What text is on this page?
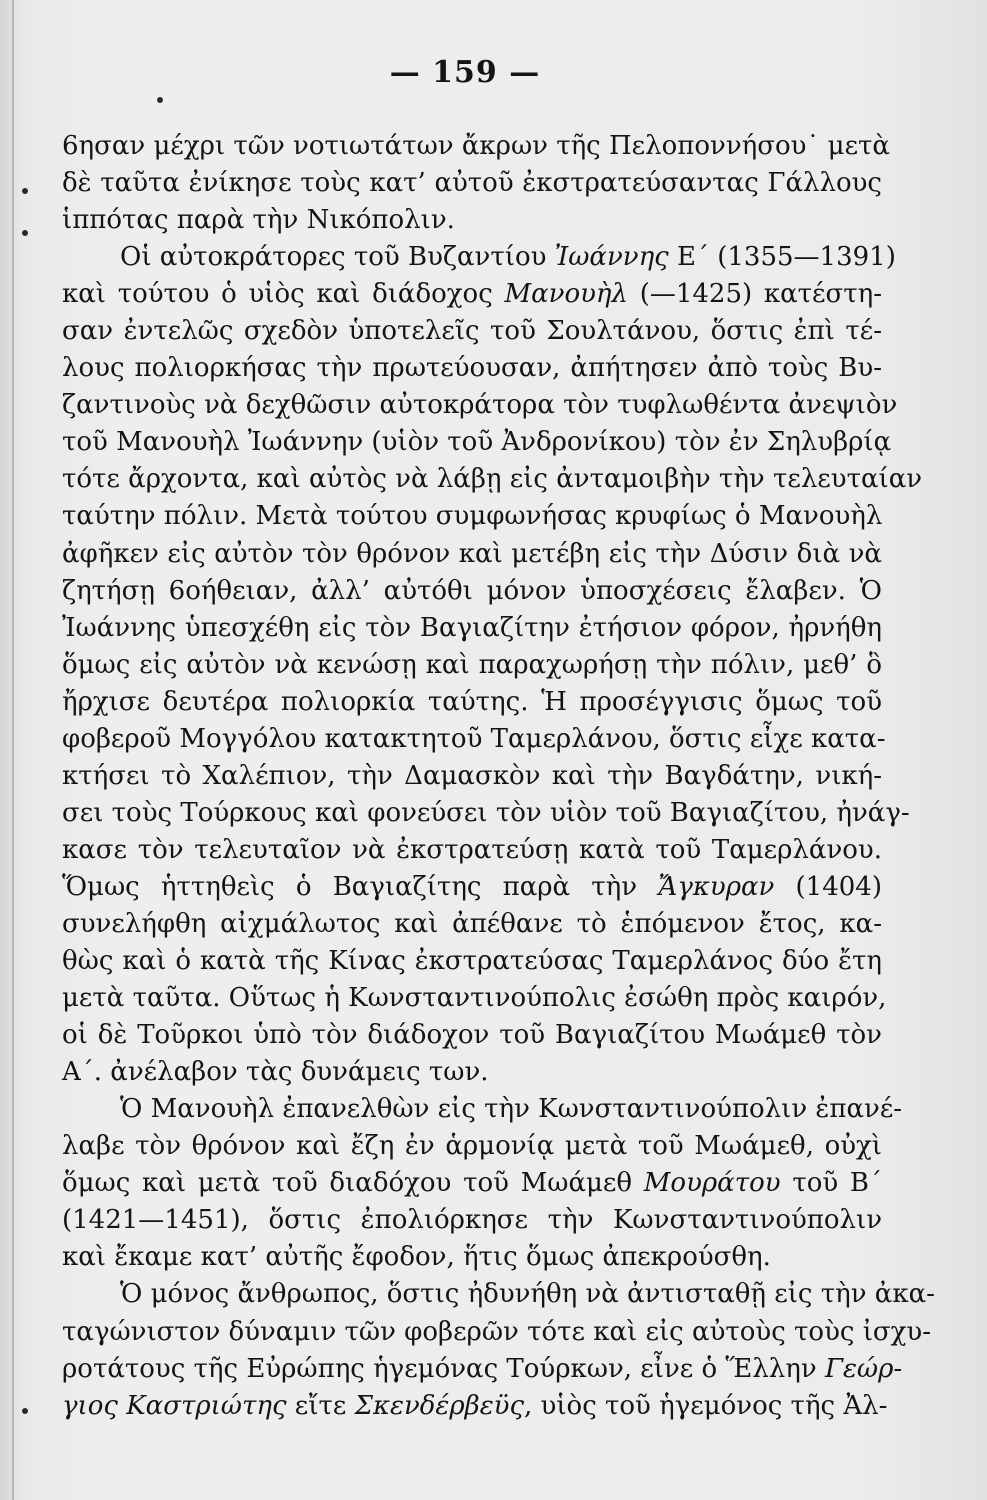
— 159 —
6ησαν μέχρι τῶν νοτιωτάτων ἄκρων τῆς Πελοποννήσου˙ μετὰ
δὲ ταῦτα ἐνίκησε τοὺς κατ’ αὐτοῦ ἐκστρατεύσαντας Γάλλους
ἱππότας παρὰ τὴν Νικόπολιν.
Οἱ αὐτοκράτορες τοῦ Βυζαντίου Ἰωάννης Ε΄ (1355—1391)
καὶ τούτου ὁ υἱὸς καὶ διάδοχος Μανουὴλ (—1425) κατέστη-
σαν ἐντελῶς σχεδὸν ὑποτελεῖς τοῦ Σουλτάνου, ὅστις ἐπὶ τέ-
λους πολιορκήσας τὴν πρωτεύουσαν, ἀπήτησεν ἀπὸ τοὺς Βυ-
ζαντινοὺς νὰ δεχθῶσιν αὐτοκράτορα τὸν τυφλωθέντα ἀνεψιὸν
τοῦ Μανουὴλ Ἰωάννην (υἱὸν τοῦ Ἀνδρονίκου) τὸν ἐν Σηλυβρίᾳ
τότε ἄρχοντα, καὶ αὐτὸς νὰ λάβῃ εἰς ἀνταμοιβὴν τὴν τελευταίαν
ταύτην πόλιν. Μετὰ τούτου συμφωνήσας κρυφίως ὁ Μανουὴλ
ἀφῆκεν εἰς αὐτὸν τὸν θρόνον καὶ μετέβη εἰς τὴν Δύσιν διὰ νὰ
ζητήσῃ 6οήθειαν, ἀλλ’ αὐτόθι μόνον ὑποσχέσεις ἔλαβεν. Ὁ
Ἰωάννης ὑπεσχέθη εἰς τὸν Βαγιαζίτην ἐτήσιον φόρον, ἠρνήθη
ὅμως εἰς αὐτὸν νὰ κενώσῃ καὶ παραχωρήσῃ τὴν πόλιν, μεθ’ ὃ
ἤρχισε δευτέρα πολιορκία ταύτης. Ἡ προσέγγισις ὅμως τοῦ
φοβεροῦ Μογγόλου κατακτητοῦ Ταμερλάνου, ὅστις εἶχε κατα-
κτήσει τὸ Χαλέπιον, τὴν Δαμασκὸν καὶ τὴν Βαγδάτην, νική-
σει τοὺς Τούρκους καὶ φονεύσει τὸν υἱὸν τοῦ Βαγιαζίτου, ἠνάγ-
κασε τὸν τελευταῖον νὰ ἐκστρατεύσῃ κατὰ τοῦ Ταμερλάνου.
Ὅμως ἡττηθεὶς ὁ Βαγιαζίτης παρὰ τὴν Ἄγκυραν (1404)
συνελήφθη αἰχμάλωτος καὶ ἀπέθανε τὸ ἑπόμενον ἔτος, κα-
θὼς καὶ ὁ κατὰ τῆς Κίνας ἐκστρατεύσας Ταμερλάνος δύο ἔτη
μετὰ ταῦτα. Οὕτως ἡ Κωνσταντινούπολις ἐσώθη πρὸς καιρόν,
οἱ δὲ Τοῦρκοι ὑπὸ τὸν διάδοχον τοῦ Βαγιαζίτου Μωάμεθ τὸν
Α΄. ἀνέλαβον τὰς δυνάμεις των.
Ὁ Μανουὴλ ἐπανελθὼν εἰς τὴν Κωνσταντινούπολιν ἐπανέ-
λαβε τὸν θρόνον καὶ ἔζη ἐν ἁρμονίᾳ μετὰ τοῦ Μωάμεθ, οὐχὶ
ὅμως καὶ μετὰ τοῦ διαδόχου τοῦ Μωάμεθ Μουράτου τοῦ Β΄
(1421—1451), ὅστις ἐπολιόρκησε τὴν Κωνσταντινούπολιν
καὶ ἔκαμε κατ’ αὐτῆς ἔφοδον, ἥτις ὅμως ἀπεκρούσθη.
Ὁ μόνος ἄνθρωπος, ὅστις ἠδυνήθη νὰ ἀντισταθῇ εἰς τὴν ἀκα-
ταγώνιστον δύναμιν τῶν φοβερῶν τότε καὶ εἰς αὐτοὺς τοὺς ἰσχυ-
ροτάτους τῆς Εὐρώπης ἡγεμόνας Τούρκων, εἶνε ὁ Ἕλλην Γεώρ-
γιος Καστριώτης εἴτε Σκενδέρβεϋς, υἱὸς τοῦ ἡγεμόνος τῆς Ἀλ-
